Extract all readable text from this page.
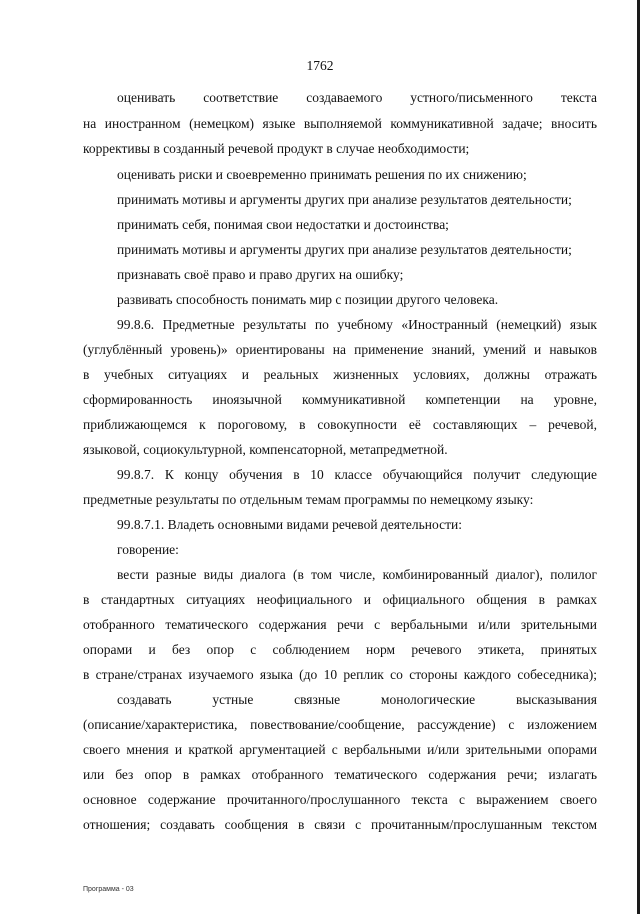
1762
оценивать соответствие создаваемого устного/письменного текста
на иностранном (немецком) языке выполняемой коммуникативной задаче; вносить
коррективы в созданный речевой продукт в случае необходимости;
оценивать риски и своевременно принимать решения по их снижению;
принимать мотивы и аргументы других при анализе результатов деятельности;
принимать себя, понимая свои недостатки и достоинства;
принимать мотивы и аргументы других при анализе результатов деятельности;
признавать своё право и право других на ошибку;
развивать способность понимать мир с позиции другого человека.
99.8.6. Предметные результаты по учебному «Иностранный (немецкий) язык
(углублённый уровень)» ориентированы на применение знаний, умений и навыков
в учебных ситуациях и реальных жизненных условиях, должны отражать
сформированность иноязычной коммуникативной компетенции на уровне,
приближающемся к пороговому, в совокупности её составляющих – речевой,
языковой, социокультурной, компенсаторной, метапредметной.
99.8.7. К концу обучения в 10 классе обучающийся получит следующие
предметные результаты по отдельным темам программы по немецкому языку:
99.8.7.1. Владеть основными видами речевой деятельности:
говорение:
вести разные виды диалога (в том числе, комбинированный диалог), полилог
в стандартных ситуациях неофициального и официального общения в рамках
отобранного тематического содержания речи с вербальными и/или зрительными
опорами и без опор с соблюдением норм речевого этикета, принятых
в стране/странах изучаемого языка (до 10 реплик со стороны каждого собеседника);
создавать устные связные монологические высказывания
(описание/характеристика, повествование/сообщение, рассуждение) с изложением
своего мнения и краткой аргументацией с вербальными и/или зрительными опорами
или без опор в рамках отобранного тематического содержания речи; излагать
основное содержание прочитанного/прослушанного текста с выражением своего
отношения; создавать сообщения в связи с прочитанным/прослушанным текстом
Программа - 03
